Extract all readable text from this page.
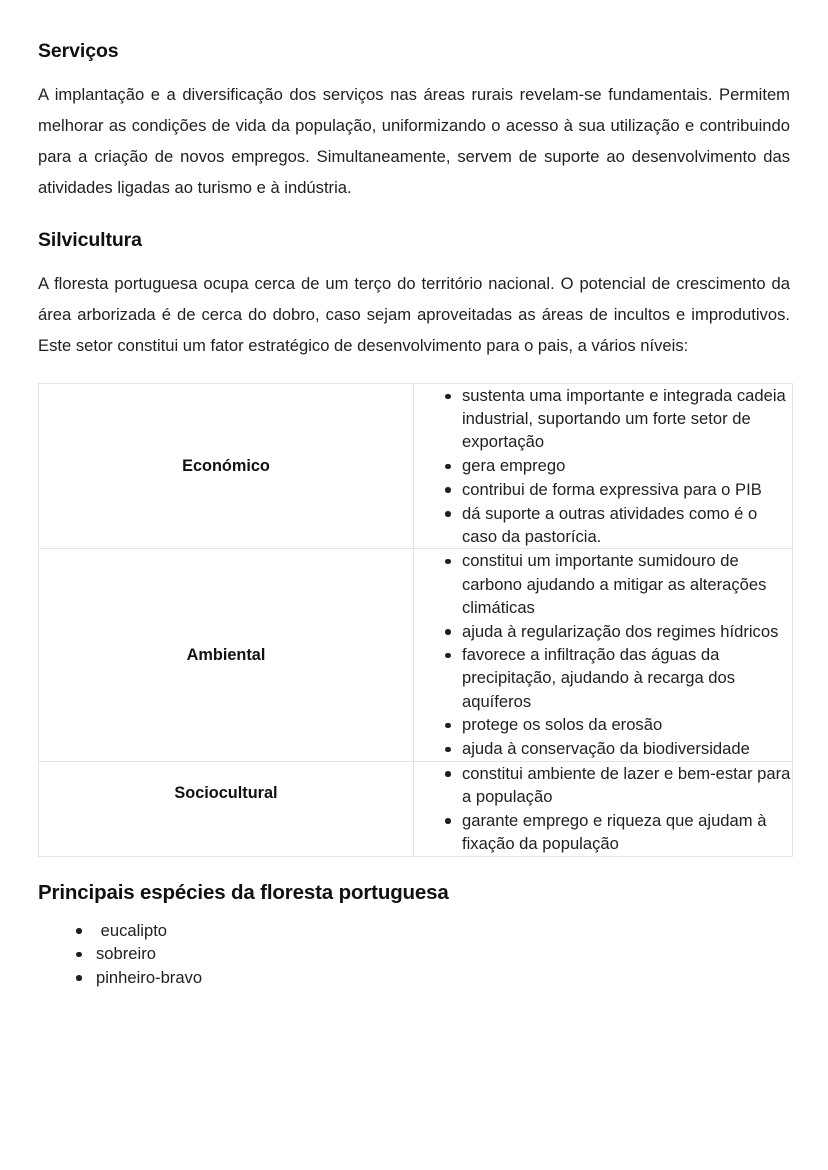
Serviços

A implantação e a diversificação dos serviços nas áreas rurais revelam-se fundamentais. Permitem melhorar as condições de vida da população, uniformizando o acesso à sua utilização e contribuindo para a criação de novos empregos. Simultaneamente, servem de suporte ao desenvolvimento das atividades ligadas ao turismo e à indústria.

Silvicultura

A floresta portuguesa ocupa cerca de um terço do território nacional. O potencial de crescimento da área arborizada é de cerca do dobro, caso sejam aproveitadas as áreas de incultos e improdutivos. Este setor constitui um fator estratégico de desenvolvimento para o pais, a vários níveis:

Económico	
sustenta uma importante e integrada cadeia industrial, suportando um forte setor de exportação
gera emprego
contribui de forma expressiva para o PIB
dá suporte a outras atividades como é o caso da pastorícia.

Ambiental	
constitui um importante sumidouro de carbono ajudando a mitigar as alterações climáticas
ajuda à regularização dos regimes hídricos
favorece a infiltração das águas da precipitação, ajudando à recarga dos aquíferos
protege os solos da erosão
ajuda à conservação da biodiversidade

Sociocultural	
constitui ambiente de lazer e bem-estar para a população
garante emprego e riqueza que ajudam à fixação da população
Principais espécies da floresta portuguesa
eucalipto
sobreiro
pinheiro-bravo
